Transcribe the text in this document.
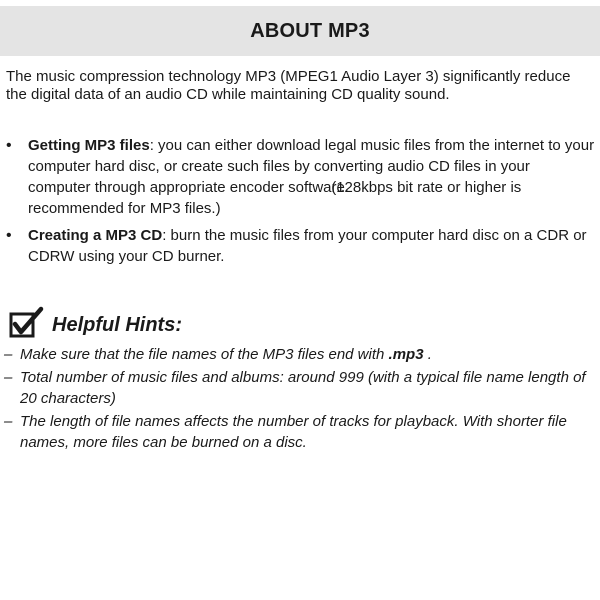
ABOUT MP3
The music compression technology MP3 (MPEG1 Audio Layer 3) significantly reduce the digital data of an audio CD while maintaining CD quality sound.
• Getting MP3 files: you can either download legal music files from the internet to your computer hard disc, or create such files by converting audio CD files in your computer through appropriate encoder software. (128kbps bit rate or higher is recommended for MP3 files.)
• Creating a MP3 CD: burn the music files from your computer hard disc on a CDR or CDRW using your CD burner.
Helpful Hints:
– Make sure that the file names of the MP3 files end with .mp3 .
– Total number of music files and albums: around 999 (with a typical file name length of 20 characters)
– The length of file names affects the number of tracks for playback. With shorter file names, more files can be burned on a disc.
